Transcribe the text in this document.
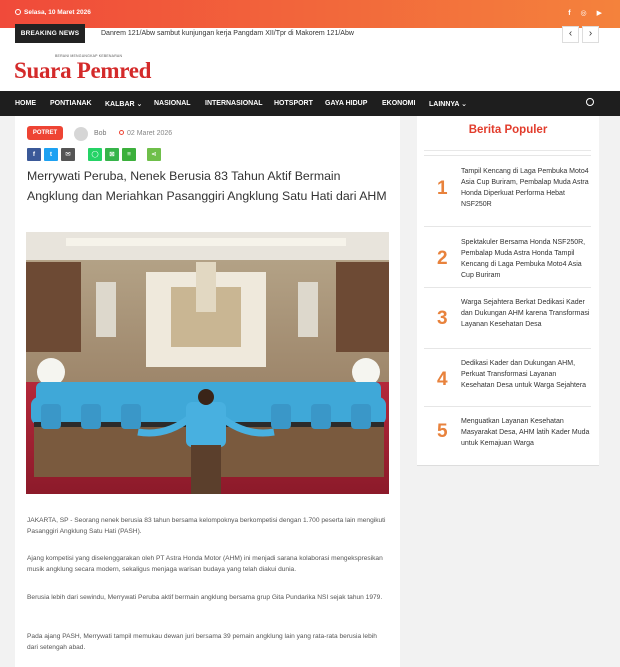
Selasa, 10 Maret 2026	f ◎ ▶
BREAKING NEWS	Danrem 121/Abw sambut kunjungan kerja Pangdam XII/Tpr di Makorem 121/Abw	‹	›
BERANI MENGUNGKAP KEBENARAN
Suara Pemred
HOME PONTIANAK KALBAR ⌄ NASIONAL INTERNASIONAL HOTSPORT GAYA HIDUP EKONOMI LAINNYA ⌄
POTRET	Bob	02 Maret 2026
f	t	✉	◯	⊠	≡	⋖
Merrywati Peruba, Nenek Berusia 83 Tahun Aktif Bermain Angklung dan Meriahkan Pasanggiri Angklung Satu Hati dari AHM

JAKARTA, SP - Seorang nenek berusia 83 tahun bersama kelompoknya berkompetisi dengan 1.700 peserta lain mengikuti Pasanggiri Angklung Satu Hati (PASH).

Ajang kompetisi yang diselenggarakan oleh PT Astra Honda Motor (AHM) ini menjadi sarana kolaborasi mengekspresikan musik angklung secara modern, sekaligus menjaga warisan budaya yang telah diakui dunia.

Berusia lebih dari sewindu, Merrywati Peruba aktif bermain angklung bersama grup Gita Pundarika NSI sejak tahun 1979.

Pada ajang PASH, Merrywati tampil memukau dewan juri bersama 39 pemain angklung lain yang rata-rata berusia lebih dari setengah abad.

Berita Populer
1
Tampil Kencang di Laga Pembuka Moto4 Asia Cup Buriram, Pembalap Muda Astra Honda Diperkuat Performa Hebat NSF250R
2
Spektakuler Bersama Honda NSF250R, Pembalap Muda Astra Honda Tampil Kencang di Laga Pembuka Moto4 Asia Cup Buriram
3
Warga Sejahtera Berkat Dedikasi Kader dan Dukungan AHM karena Transformasi Layanan Kesehatan Desa
4
Dedikasi Kader dan Dukungan AHM, Perkuat Transformasi Layanan Kesehatan Desa untuk Warga Sejahtera
5 Menguatkan Layanan Kesehatan Masyarakat Desa, AHM latih Kader Muda untuk Kemajuan Warga
